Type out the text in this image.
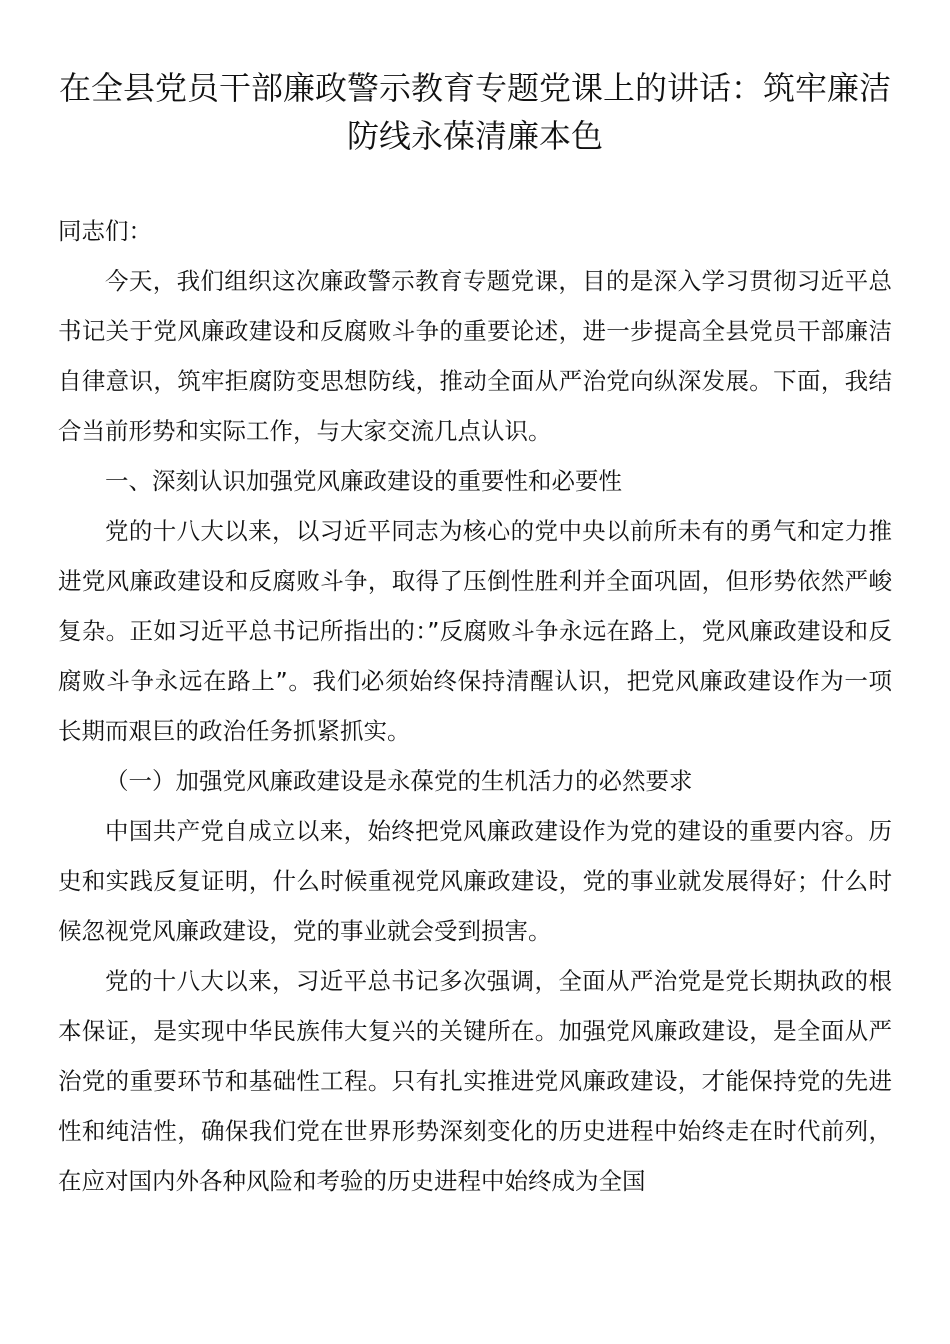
在全县党员干部廉政警示教育专题党课上的讲话：筑牢廉洁防线永葆清廉本色

同志们：

今天，我们组织这次廉政警示教育专题党课，目的是深入学习贯彻习近平总书记关于党风廉政建设和反腐败斗争的重要论述，进一步提高全县党员干部廉洁自律意识，筑牢拒腐防变思想防线，推动全面从严治党向纵深发展。下面，我结合当前形势和实际工作，与大家交流几点认识。

一、深刻认识加强党风廉政建设的重要性和必要性

党的十八大以来，以习近平同志为核心的党中央以前所未有的勇气和定力推进党风廉政建设和反腐败斗争，取得了压倒性胜利并全面巩固，但形势依然严峻复杂。正如习近平总书记所指出的：”反腐败斗争永远在路上，党风廉政建设和反腐败斗争永远在路上”。我们必须始终保持清醒认识，把党风廉政建设作为一项长期而艰巨的政治任务抓紧抓实。

（一）加强党风廉政建设是永葆党的生机活力的必然要求

中国共产党自成立以来，始终把党风廉政建设作为党的建设的重要内容。历史和实践反复证明，什么时候重视党风廉政建设，党的事业就发展得好；什么时候忽视党风廉政建设，党的事业就会受到损害。

党的十八大以来，习近平总书记多次强调，全面从严治党是党长期执政的根本保证，是实现中华民族伟大复兴的关键所在。加强党风廉政建设，是全面从严治党的重要环节和基础性工程。只有扎实推进党风廉政建设，才能保持党的先进性和纯洁性，确保我们党在世界形势深刻变化的历史进程中始终走在时代前列，在应对国内外各种风险和考验的历史进程中始终成为全国
